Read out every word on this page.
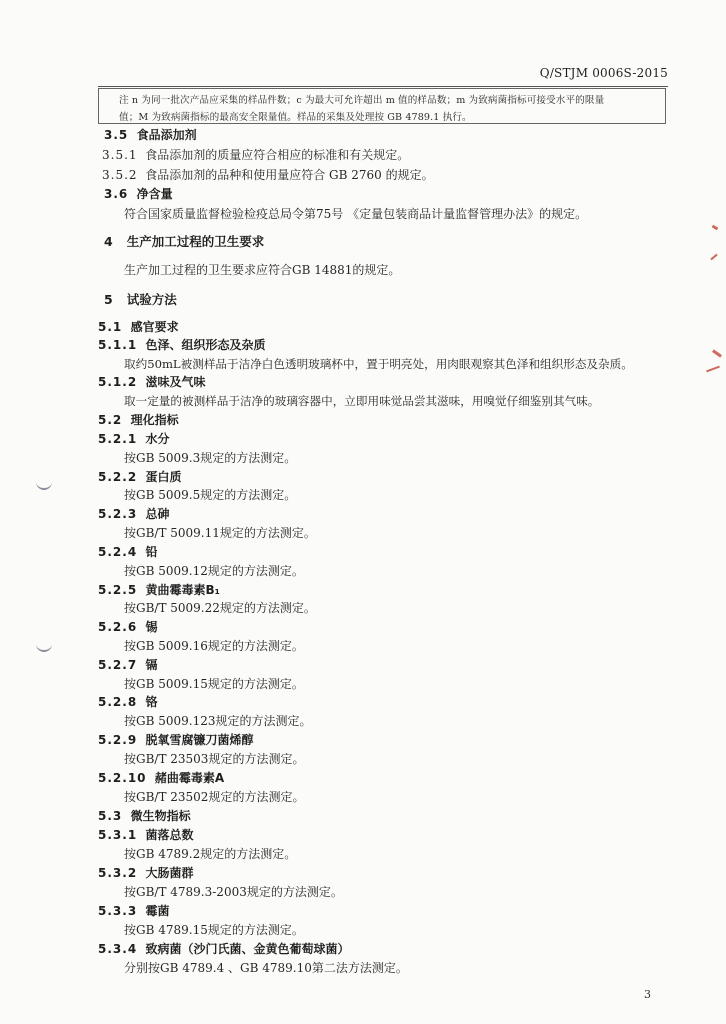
Q/STJM 0006S-2015
注 n 为同一批次产品应采集的样品件数；c 为最大可允许超出 m 值的样品数；m 为致病菌指标可接受水平的限量
值；M 为致病菌指标的最高安全限量值。样品的采集及处理按 GB 4789.1 执行。
3.5 食品添加剂
3.5.1 食品添加剂的质量应符合相应的标准和有关规定。
3.5.2 食品添加剂的品种和使用量应符合 GB 2760 的规定。
3.6 净含量
符合国家质量监督检验检疫总局令第75号 《定量包装商品计量监督管理办法》的规定。
4 生产加工过程的卫生要求
生产加工过程的卫生要求应符合GB 14881的规定。
5 试验方法
5.1 感官要求
5.1.1 色泽、组织形态及杂质
取约50mL被测样品于洁净白色透明玻璃杯中，置于明亮处，用肉眼观察其色泽和组织形态及杂质。
5.1.2 滋味及气味
取一定量的被测样品于洁净的玻璃容器中，立即用味觉品尝其滋味，用嗅觉仔细鉴别其气味。
5.2 理化指标
5.2.1 水分
按GB 5009.3规定的方法测定。
5.2.2 蛋白质
按GB 5009.5规定的方法测定。
5.2.3 总砷
按GB/T 5009.11规定的方法测定。
5.2.4 铅
按GB 5009.12规定的方法测定。
5.2.5 黄曲霉毒素B₁
按GB/T 5009.22规定的方法测定。
5.2.6 锡
按GB 5009.16规定的方法测定。
5.2.7 镉
按GB 5009.15规定的方法测定。
5.2.8 铬
按GB 5009.123规定的方法测定。
5.2.9 脱氧雪腐镰刀菌烯醇
按GB/T 23503规定的方法测定。
5.2.10 赭曲霉毒素A
按GB/T 23502规定的方法测定。
5.3 微生物指标
5.3.1 菌落总数
按GB 4789.2规定的方法测定。
5.3.2 大肠菌群
按GB/T 4789.3-2003规定的方法测定。
5.3.3 霉菌
按GB 4789.15规定的方法测定。
5.3.4 致病菌（沙门氏菌、金黄色葡萄球菌）
分别按GB 4789.4 、GB 4789.10第二法方法测定。
3
